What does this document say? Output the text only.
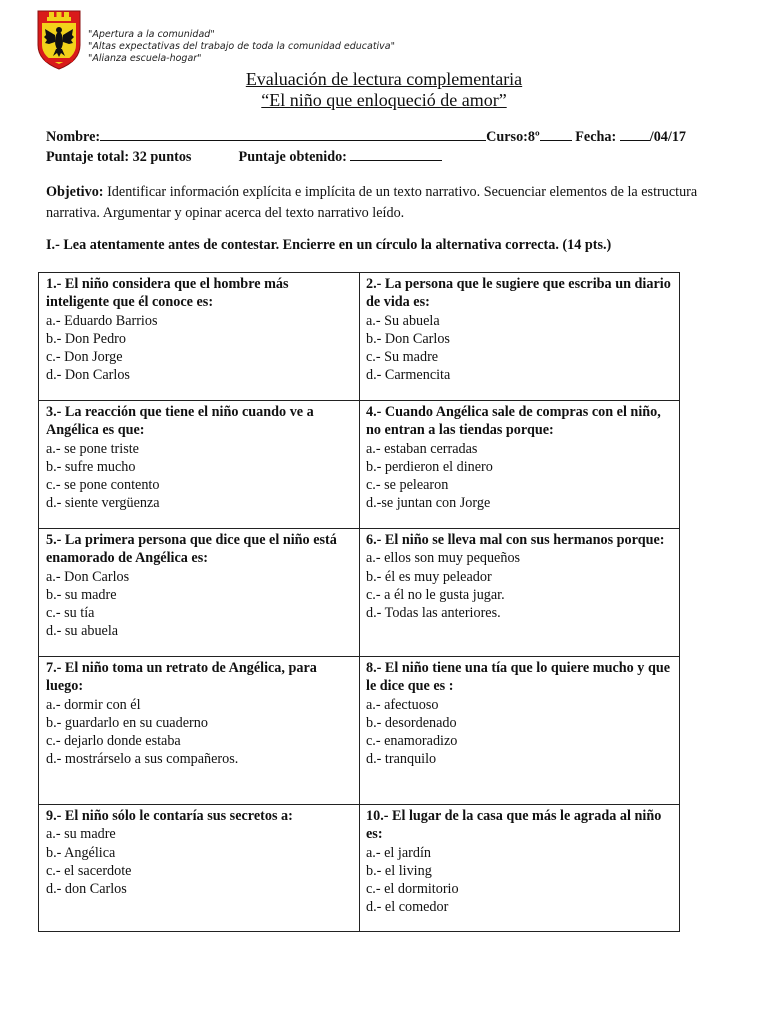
"Apertura a la comunidad"
"Altas expectativas del trabajo de toda la comunidad educativa"
"Alianza escuela-hogar"
Evaluación de lectura complementaria
“El niño que enloqueció de amor”
Nombre:	Curso:8º	Fecha: /04/17
Puntaje total: 32 puntos	Puntaje obtenido:
Objetivo: Identificar información explícita e implícita de un texto narrativo. Secuenciar elementos de la estructura narrativa. Argumentar y opinar acerca del texto narrativo leído.
I.- Lea atentamente antes de contestar. Encierre en un círculo la alternativa correcta. (14 pts.)
1.- El niño considera que el hombre más inteligente que él conoce es:
a.- Eduardo Barrios
b.- Don Pedro
c.- Don Jorge
d.- Don Carlos
2.- La persona que le sugiere que escriba un diario de vida es:
a.- Su abuela
b.- Don Carlos
c.- Su madre
d.- Carmencita
3.- La reacción que tiene el niño cuando ve a Angélica es que:
a.- se pone triste
b.- sufre mucho
c.- se pone contento
d.- siente vergüenza
4.- Cuando Angélica sale de compras con el niño, no entran a las tiendas porque:
a.- estaban cerradas
b.- perdieron el dinero
c.- se pelearon
d.-se juntan con Jorge
5.- La primera persona que dice que el niño está enamorado de Angélica es:
a.- Don Carlos
b.- su madre
c.- su tía
d.- su abuela
6.- El niño se lleva mal con sus hermanos porque:
a.- ellos son muy pequeños
b.- él es muy peleador
c.- a él no le gusta jugar.
d.- Todas las anteriores.
7.- El niño toma un retrato de Angélica, para luego:
a.- dormir con él
b.- guardarlo en su cuaderno
c.- dejarlo donde estaba
d.- mostrárselo a sus compañeros.
8.- El niño tiene una tía que lo quiere mucho y que le dice que es :
a.- afectuoso
b.- desordenado
c.- enamoradizo
d.- tranquilo
9.- El niño sólo le contaría sus secretos a:
a.- su madre
b.- Angélica
c.- el sacerdote
d.- don Carlos
10.- El lugar de la casa que más le agrada al niño es:
a.- el jardín
b.- el living
c.- el dormitorio
d.- el comedor
